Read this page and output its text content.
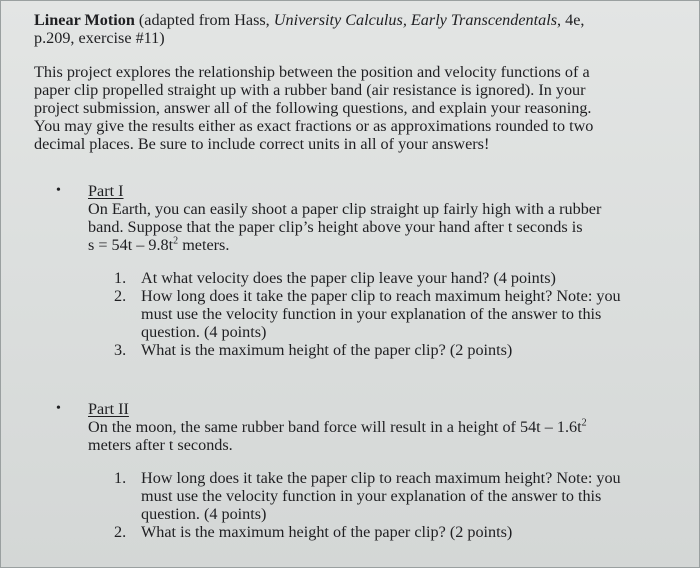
Linear Motion (adapted from Hass, University Calculus, Early Transcendentals, 4e,
p.209, exercise #11)
This project explores the relationship between the position and velocity functions of a
paper clip propelled straight up with a rubber band (air resistance is ignored). In your
project submission, answer all of the following questions, and explain your reasoning.
You may give the results either as exact fractions or as approximations rounded to two
decimal places. Be sure to include correct units in all of your answers!
• Part I
On Earth, you can easily shoot a paper clip straight up fairly high with a rubber
band. Suppose that the paper clip’s height above your hand after t seconds is
$s = 54t - 9.8t^2$ meters.
1. At what velocity does the paper clip leave your hand? (4 points)
2. How long does it take the paper clip to reach maximum height? Note: you
must use the velocity function in your explanation of the answer to this
question. (4 points)
3. What is the maximum height of the paper clip? (2 points)
• Part II
On the moon, the same rubber band force will result in a height of $54t - 1.6t^2$
meters after t seconds.
1. How long does it take the paper clip to reach maximum height? Note: you
must use the velocity function in your explanation of the answer to this
question. (4 points)
2. What is the maximum height of the paper clip? (2 points)
